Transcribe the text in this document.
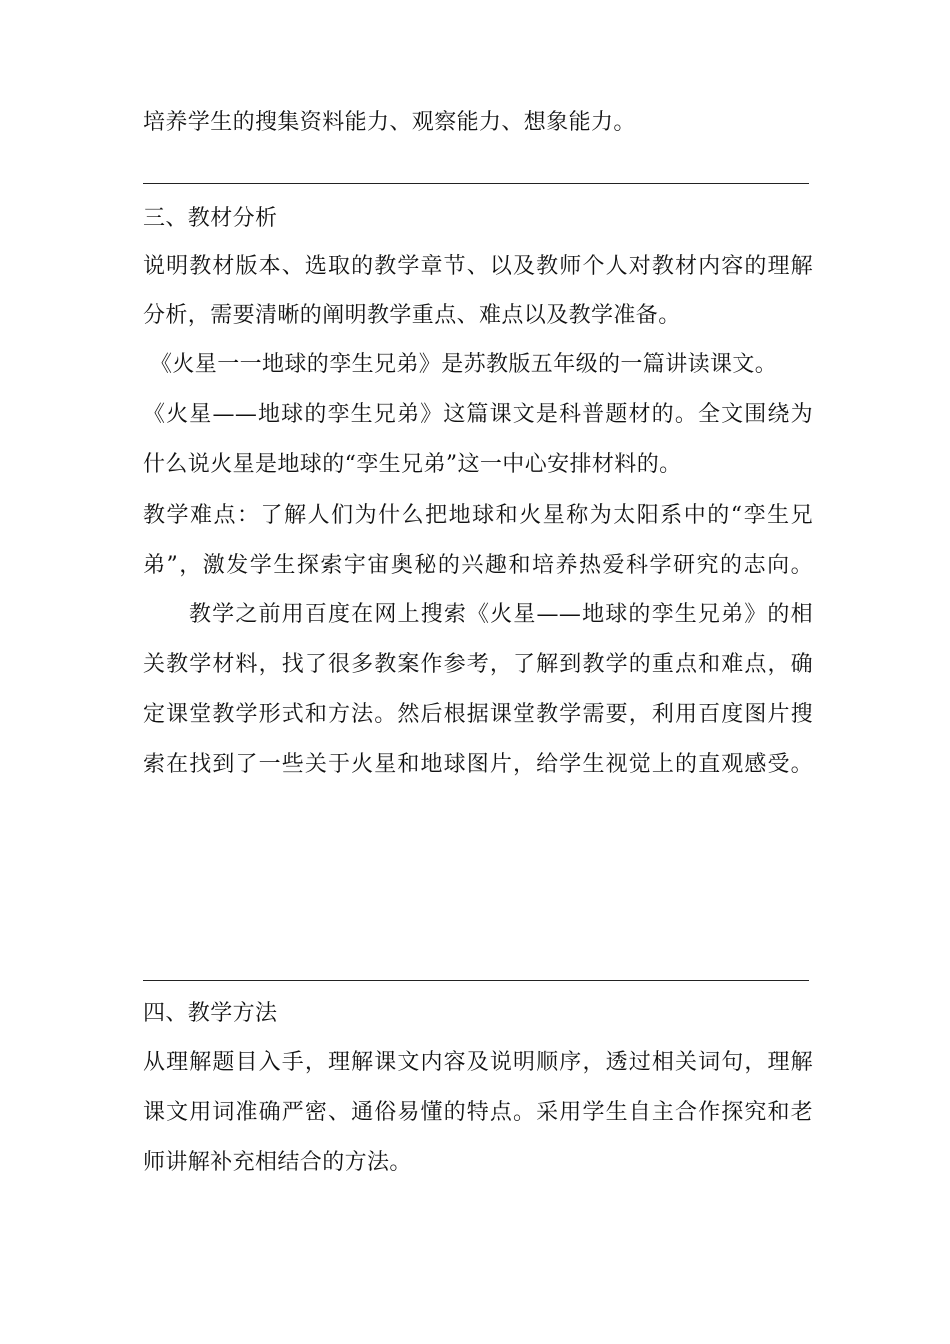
培养学生的搜集资料能力、观察能力、想象能力。
三、教材分析
说明教材版本、选取的教学章节、以及教师个人对教材内容的理解
分析，需要清晰的阐明教学重点、难点以及教学准备。
《火星一一地球的孪生兄弟》是苏教版五年级的一篇讲读课文。
《火星——地球的孪生兄弟》这篇课文是科普题材的。全文围绕为
什么说火星是地球的“孪生兄弟”这一中心安排材料的。
教学难点：了解人们为什么把地球和火星称为太阳系中的“孪生兄
弟”，激发学生探索宇宙奥秘的兴趣和培养热爱科学研究的志向。
教学之前用百度在网上搜索《火星——地球的孪生兄弟》的相
关教学材料，找了很多教案作参考，了解到教学的重点和难点，确
定课堂教学形式和方法。然后根据课堂教学需要，利用百度图片搜
索在找到了一些关于火星和地球图片，给学生视觉上的直观感受。
四、教学方法
从理解题目入手，理解课文内容及说明顺序，透过相关词句，理解
课文用词准确严密、通俗易懂的特点。采用学生自主合作探究和老
师讲解补充相结合的方法。
